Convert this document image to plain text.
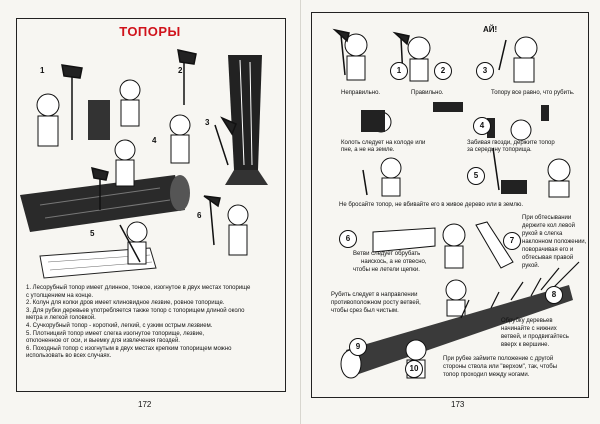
ТОПОРЫ
1	2
3
4
5
6
1. Лесорубный топор имеет длинное, тонкое, изогнутое в двух местах топорище
с утолщением на конце.
2. Колун для колки дров имеет клиновидное лезвие, ровное топорище.
3. Для рубки деревьев употребляется также топор с топорищем длиной около
метра и легкой головкой.
4. Сучкорубный топор - короткий, легкий, с узким острым лезвием.
5. Плотницкий топор имеет слегка изогнутое топорище, лезвие,
отклоненное от оси, и выемку для извлечения гвоздей.
6. Походный топор с изогнутым в двух местах крепким топорищем можно
использовать во всех случаях.
172
1	2	3
4
5
6	7
8
9
10
АЙ!
Неправильно.	Правильно.	Топору все равно, что рубить.
Колоть следует на колоде или
пне, а не на земле.
Забивая гвозди, держите топор
за середину топорища.
Не бросайте топор, не вбивайте его в живое дерево или в землю.
Ветви следует обрубать
наискось, а не отвесно,
чтобы не летели щепки.
При обтесывании
держите кол левой
рукой в слегка
наклонном положении,
поворачивая его и
обтесывая правой
рукой.
Рубить следует в направлении
противоположном росту ветвей,
чтобы срез был чистым.
Обрубку деревьев
начинайте с нижних
ветвей, и продвигайтесь
вверх к вершине.
При рубке займите положение с другой
стороны ствола или "верхом", так, чтобы
топор проходил между ногами.
173
